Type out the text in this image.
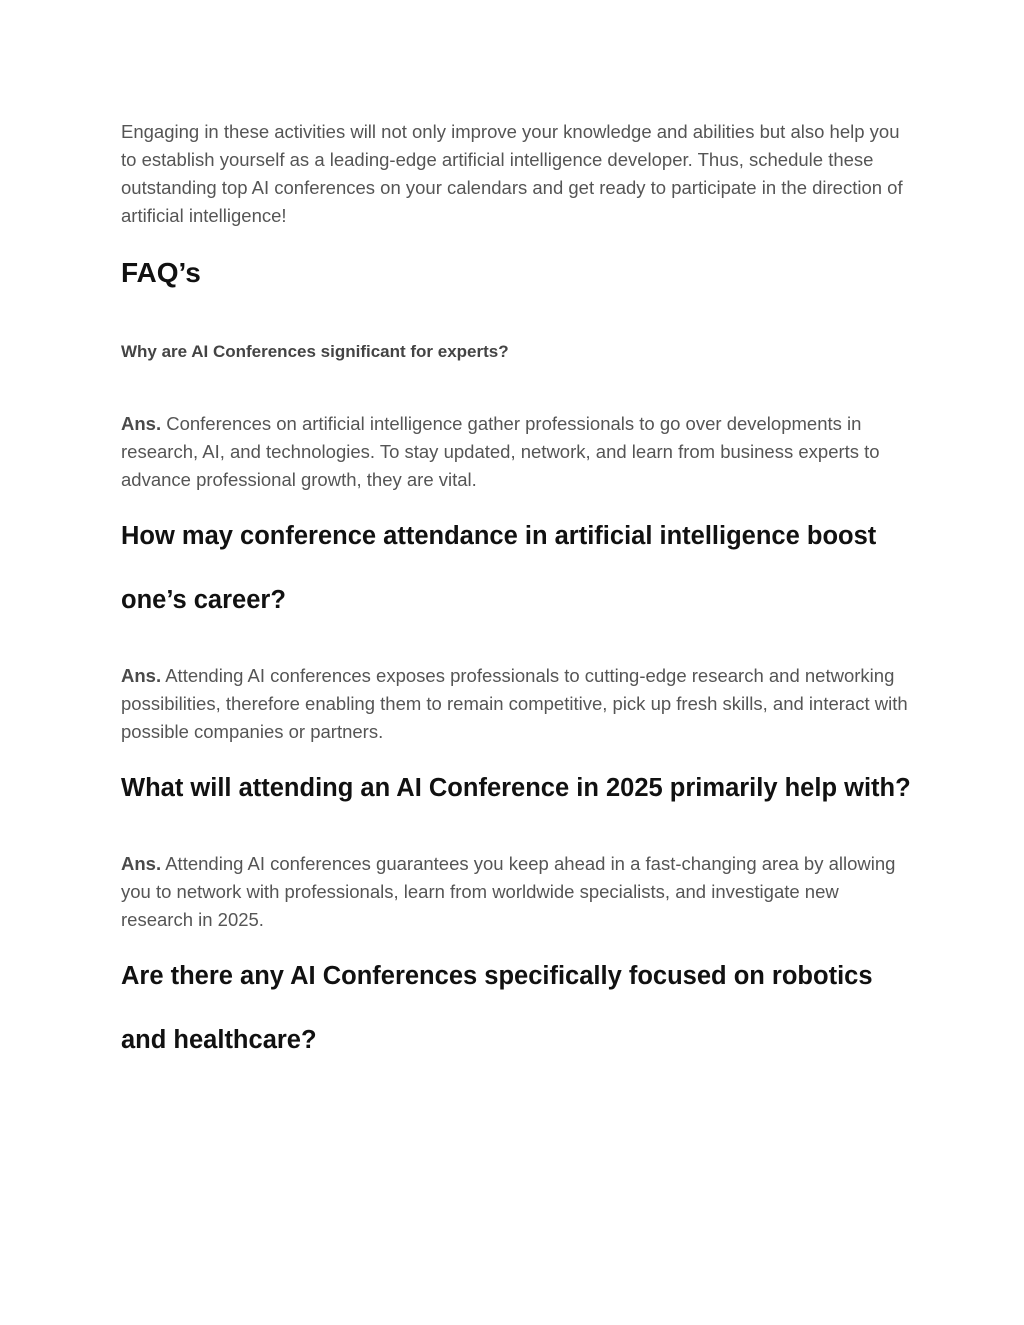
Engaging in these activities will not only improve your knowledge and abilities but also help you to establish yourself as a leading-edge artificial intelligence developer. Thus, schedule these outstanding top AI conferences on your calendars and get ready to participate in the direction of artificial intelligence!

FAQ’s
Why are AI Conferences significant for experts?

Ans. Conferences on artificial intelligence gather professionals to go over developments in research, AI, and technologies. To stay updated, network, and learn from business experts to advance professional growth, they are vital.

How may conference attendance in artificial intelligence boost one’s career?

Ans. Attending AI conferences exposes professionals to cutting-edge research and networking possibilities, therefore enabling them to remain competitive, pick up fresh skills, and interact with possible companies or partners.

What will attending an AI Conference in 2025 primarily help with?

Ans. Attending AI conferences guarantees you keep ahead in a fast-changing area by allowing you to network with professionals, learn from worldwide specialists, and investigate new research in 2025.

Are there any AI Conferences specifically focused on robotics and healthcare?
